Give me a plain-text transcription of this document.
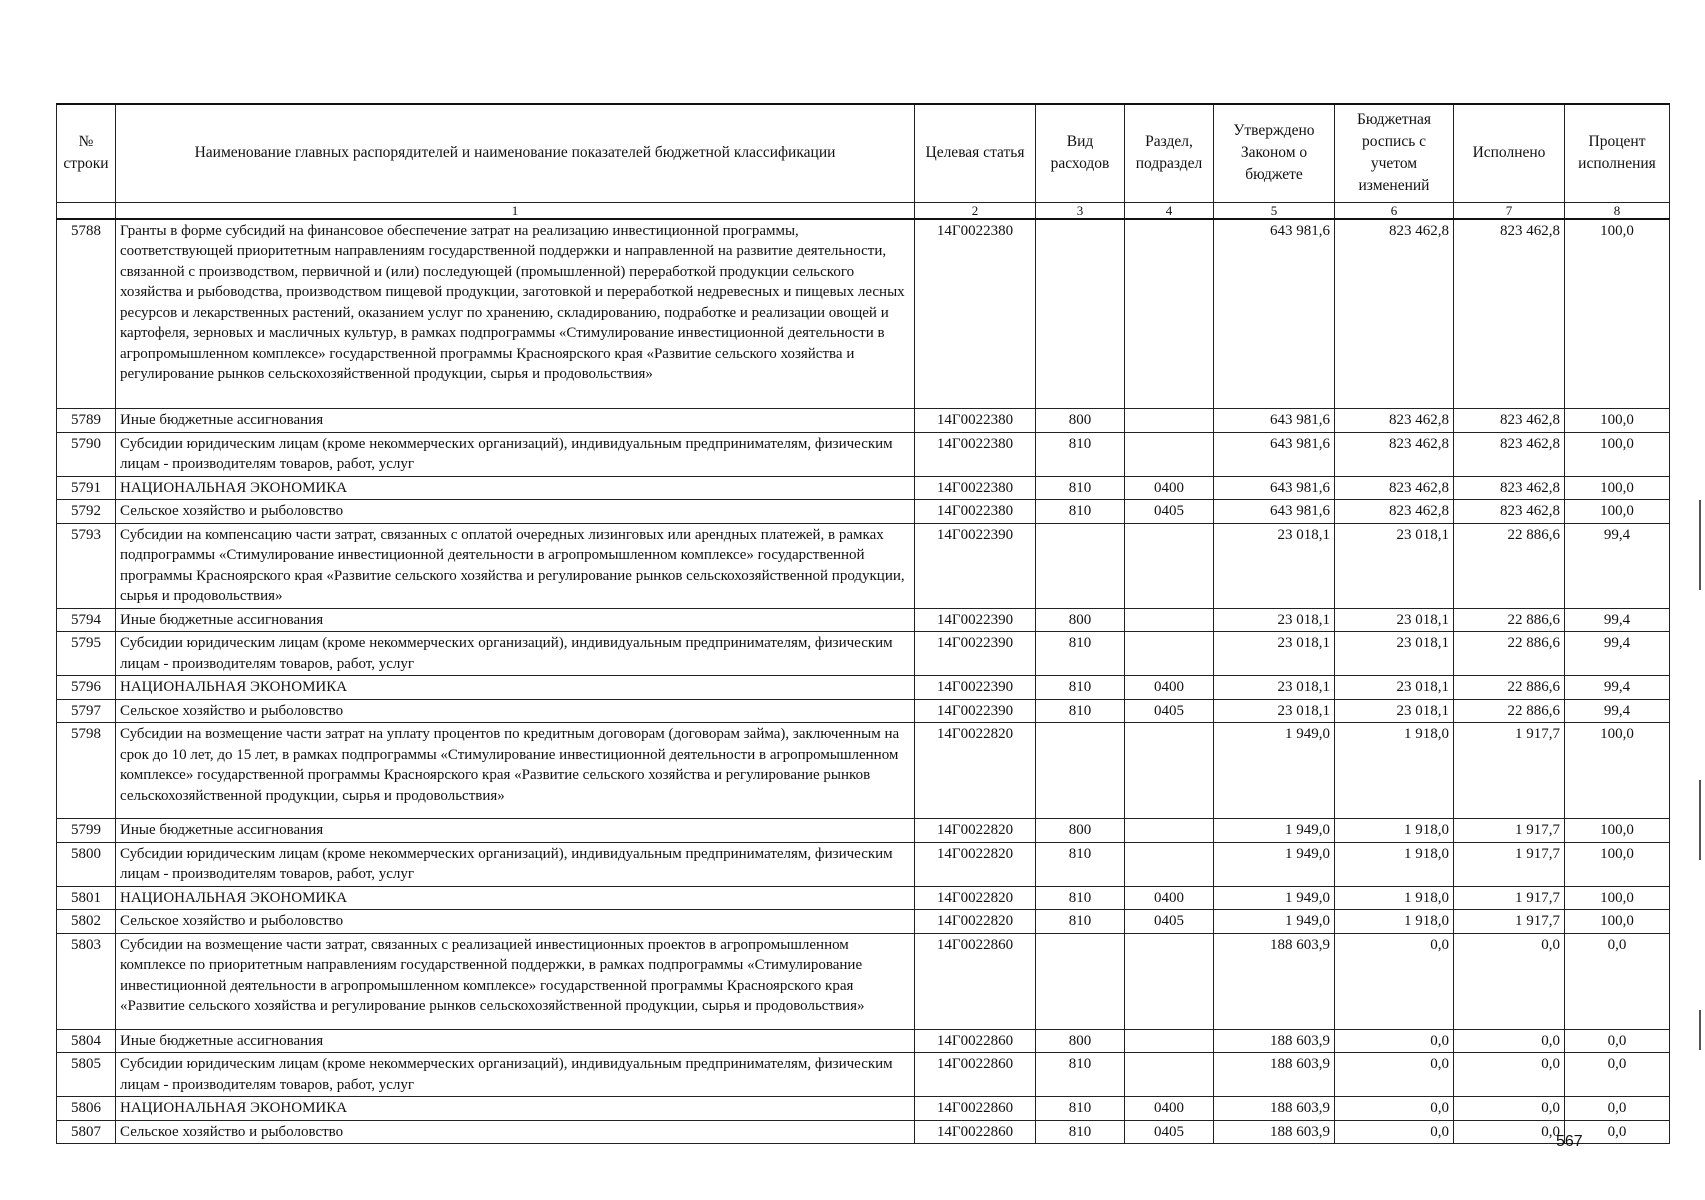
№ строки	Наименование главных распорядителей и наименование показателей бюджетной классификации	Целевая статья	Вид расходов	Раздел, подраздел	Утверждено Законом о бюджете	Бюджетная роспись с учетом изменений	Исполнено	Процент исполнения
	1	2	3	4	5	6	7	8
5788	Гранты в форме субсидий на финансовое обеспечение затрат на реализацию инвестиционной программы, соответствующей приоритетным направлениям государственной поддержки и направленной на развитие деятельности, связанной с производством, первичной и (или) последующей (промышленной) переработкой продукции сельского хозяйства и рыбоводства, производством пищевой продукции, заготовкой и переработкой недревесных и пищевых лесных ресурсов и лекарственных растений, оказанием услуг по хранению, складированию, подработке и реализации овощей и картофеля, зерновых и масличных культур, в рамках подпрограммы «Стимулирование инвестиционной деятельности в агропромышленном комплексе» государственной программы Красноярского края «Развитие сельского хозяйства и регулирование рынков сельскохозяйственной продукции, сырья и продовольствия»	14Г0022380			643 981,6	823 462,8	823 462,8	100,0
5789	Иные бюджетные ассигнования	14Г0022380	800		643 981,6	823 462,8	823 462,8	100,0
5790	Субсидии юридическим лицам (кроме некоммерческих организаций), индивидуальным предпринимателям, физическим лицам - производителям товаров, работ, услуг	14Г0022380	810		643 981,6	823 462,8	823 462,8	100,0
5791	НАЦИОНАЛЬНАЯ ЭКОНОМИКА	14Г0022380	810	0400	643 981,6	823 462,8	823 462,8	100,0
5792	Сельское хозяйство и рыболовство	14Г0022380	810	0405	643 981,6	823 462,8	823 462,8	100,0
5793	Субсидии на компенсацию части затрат, связанных с оплатой очередных лизинговых или арендных платежей, в рамках подпрограммы «Стимулирование инвестиционной деятельности в агропромышленном комплексе» государственной программы Красноярского края «Развитие сельского хозяйства и регулирование рынков сельскохозяйственной продукции, сырья и продовольствия»	14Г0022390			23 018,1	23 018,1	22 886,6	99,4
5794	Иные бюджетные ассигнования	14Г0022390	800		23 018,1	23 018,1	22 886,6	99,4
5795	Субсидии юридическим лицам (кроме некоммерческих организаций), индивидуальным предпринимателям, физическим лицам - производителям товаров, работ, услуг	14Г0022390	810		23 018,1	23 018,1	22 886,6	99,4
5796	НАЦИОНАЛЬНАЯ ЭКОНОМИКА	14Г0022390	810	0400	23 018,1	23 018,1	22 886,6	99,4
5797	Сельское хозяйство и рыболовство	14Г0022390	810	0405	23 018,1	23 018,1	22 886,6	99,4
5798	Субсидии на возмещение части затрат на уплату процентов по кредитным договорам (договорам займа), заключенным на срок до 10 лет, до 15 лет, в рамках подпрограммы «Стимулирование инвестиционной деятельности в агропромышленном комплексе» государственной программы Красноярского края «Развитие сельского хозяйства и регулирование рынков сельскохозяйственной продукции, сырья и продовольствия»	14Г0022820			1 949,0	1 918,0	1 917,7	100,0
5799	Иные бюджетные ассигнования	14Г0022820	800		1 949,0	1 918,0	1 917,7	100,0
5800	Субсидии юридическим лицам (кроме некоммерческих организаций), индивидуальным предпринимателям, физическим лицам - производителям товаров, работ, услуг	14Г0022820	810		1 949,0	1 918,0	1 917,7	100,0
5801	НАЦИОНАЛЬНАЯ ЭКОНОМИКА	14Г0022820	810	0400	1 949,0	1 918,0	1 917,7	100,0
5802	Сельское хозяйство и рыболовство	14Г0022820	810	0405	1 949,0	1 918,0	1 917,7	100,0
5803	Субсидии на возмещение части затрат, связанных с реализацией инвестиционных проектов в агропромышленном комплексе по приоритетным направлениям государственной поддержки, в рамках подпрограммы «Стимулирование инвестиционной деятельности в агропромышленном комплексе» государственной программы Красноярского края «Развитие сельского хозяйства и регулирование рынков сельскохозяйственной продукции, сырья и продовольствия»	14Г0022860			188 603,9	0,0	0,0	0,0
5804	Иные бюджетные ассигнования	14Г0022860	800		188 603,9	0,0	0,0	0,0
5805	Субсидии юридическим лицам (кроме некоммерческих организаций), индивидуальным предпринимателям, физическим лицам - производителям товаров, работ, услуг	14Г0022860	810		188 603,9	0,0	0,0	0,0
5806	НАЦИОНАЛЬНАЯ ЭКОНОМИКА	14Г0022860	810	0400	188 603,9	0,0	0,0	0,0
5807	Сельское хозяйство и рыболовство	14Г0022860	810	0405	188 603,9	0,0	0,0	0,0
567
